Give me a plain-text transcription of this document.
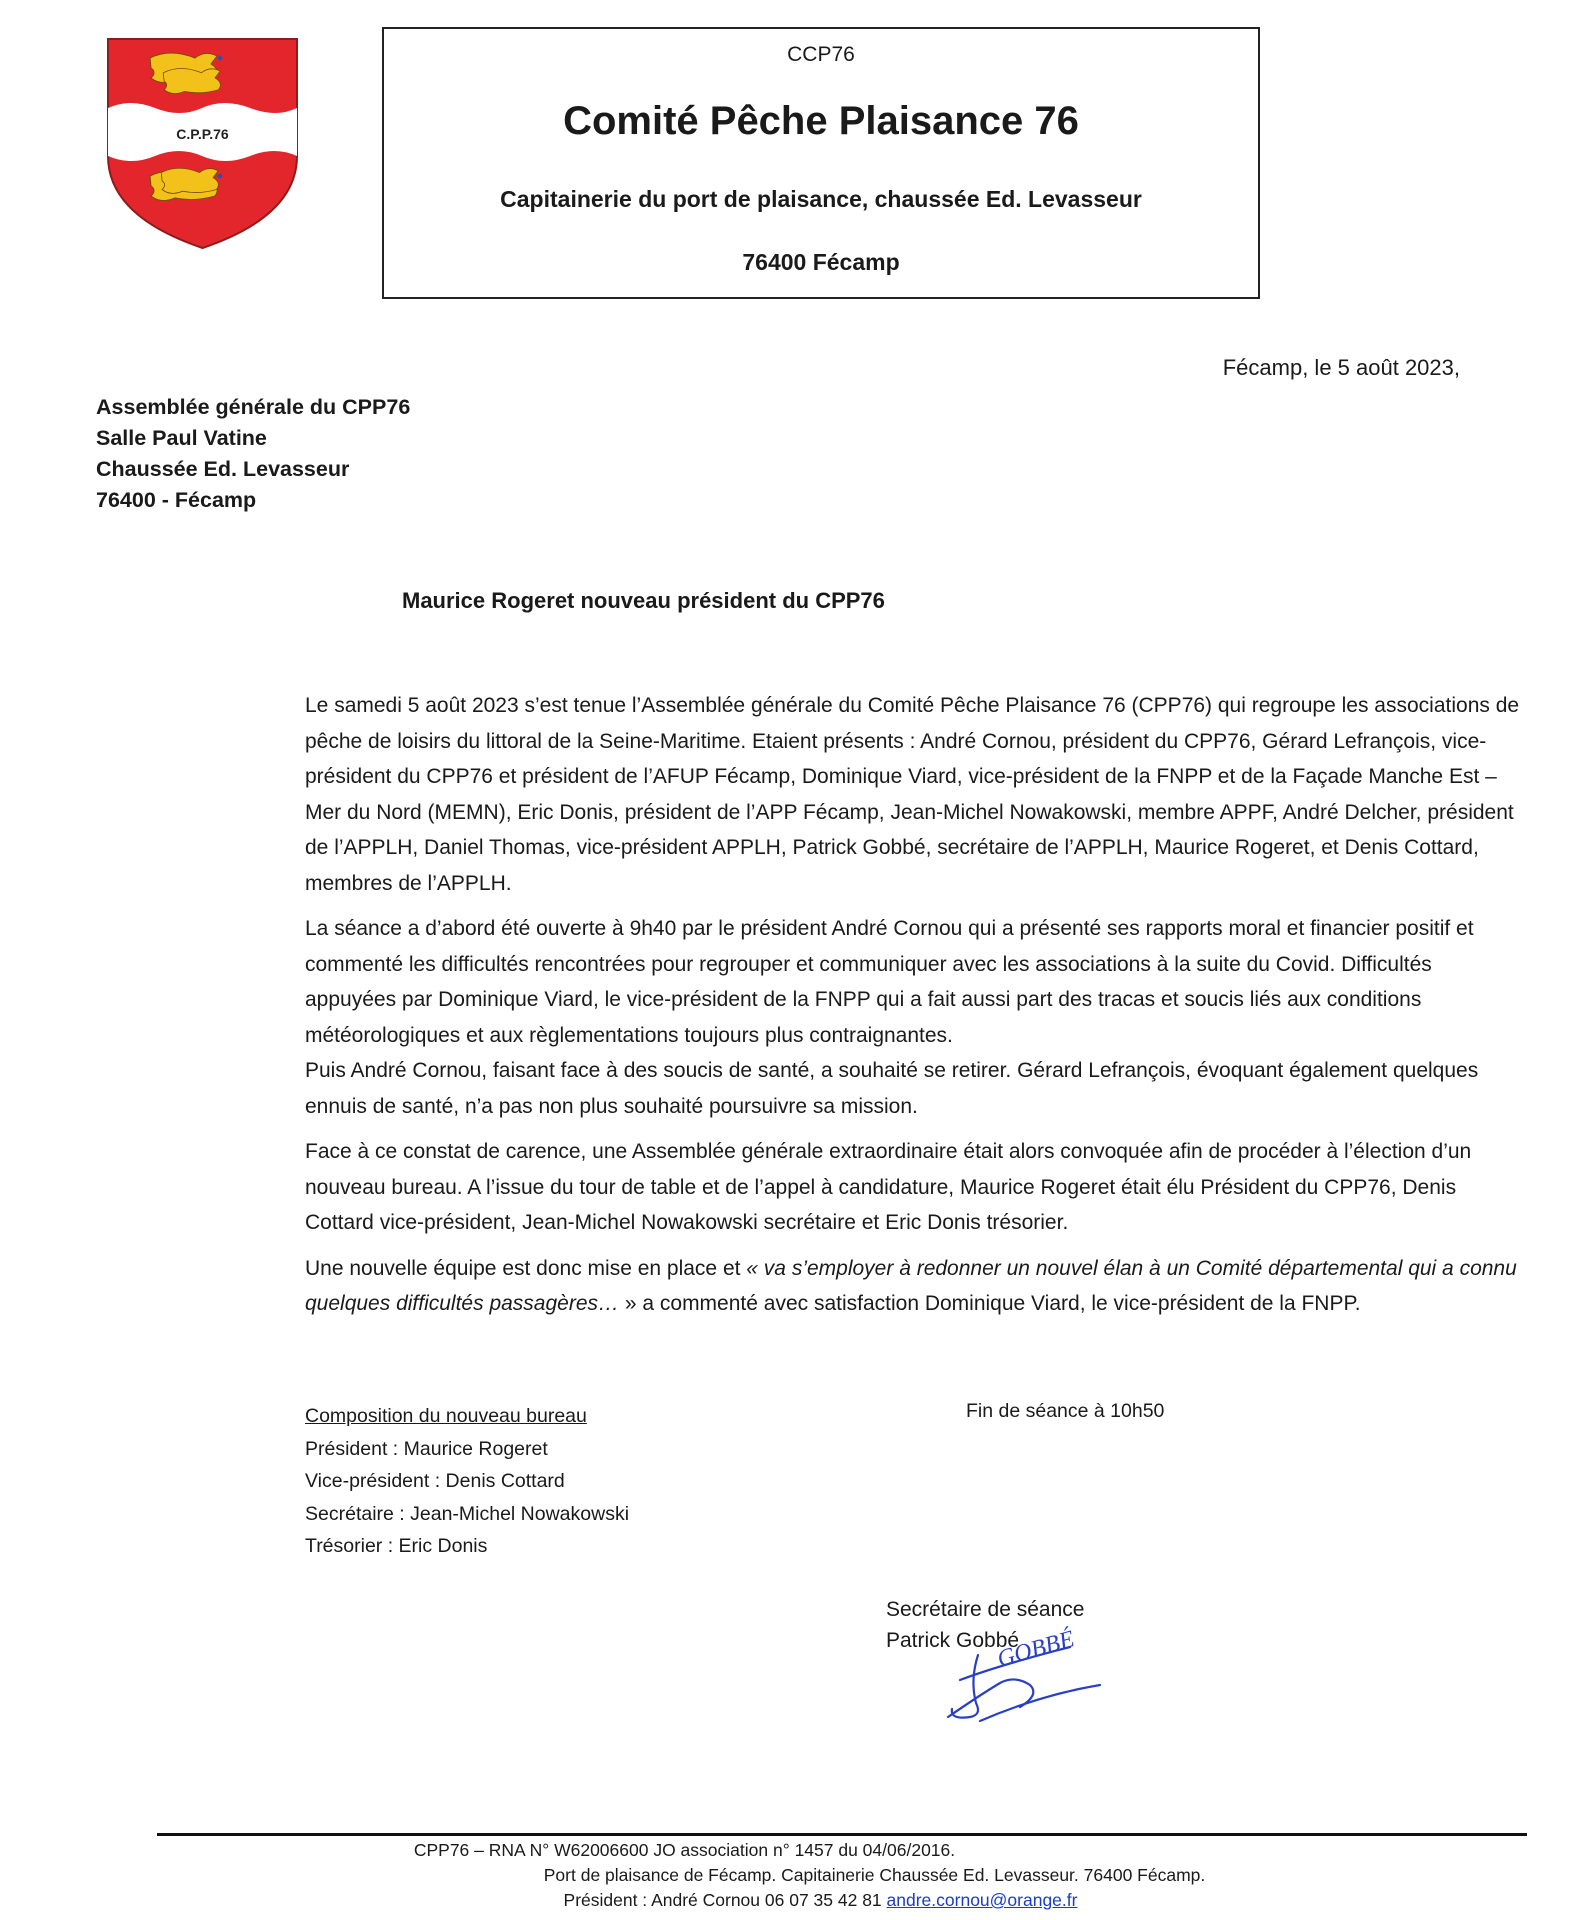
C.P.P.76
CCP76
Comité Pêche Plaisance 76
Capitainerie du port de plaisance, chaussée Ed. Levasseur
76400 Fécamp
Fécamp, le 5 août 2023,
Assemblée générale du CPP76
Salle Paul Vatine
Chaussée Ed. Levasseur
76400 - Fécamp
Maurice Rogeret nouveau président du CPP76

Le samedi 5 août 2023 s’est tenue l’Assemblée générale du Comité Pêche Plaisance 76 (CPP76) qui regroupe les associations de pêche de loisirs du littoral de la Seine-Maritime. Etaient présents : André Cornou, président du CPP76, Gérard Lefrançois, vice-président du CPP76 et président de l’AFUP Fécamp, Dominique Viard, vice-président de la FNPP et de la Façade Manche Est – Mer du Nord (MEMN), Eric Donis, président de l’APP Fécamp, Jean-Michel Nowakowski, membre APPF, André Delcher, président de l’APPLH, Daniel Thomas, vice-président APPLH, Patrick Gobbé, secrétaire de l’APPLH, Maurice Rogeret, et Denis Cottard, membres de l’APPLH.

La séance a d’abord été ouverte à 9h40 par le président André Cornou qui a présenté ses rapports moral et financier positif et commenté les difficultés rencontrées pour regrouper et communiquer avec les associations à la suite du Covid. Difficultés appuyées par Dominique Viard, le vice-président de la FNPP qui a fait aussi part des tracas et soucis liés aux conditions météorologiques et aux règlementations toujours plus contraignantes.

Puis André Cornou, faisant face à des soucis de santé, a souhaité se retirer. Gérard Lefrançois, évoquant également quelques ennuis de santé, n’a pas non plus souhaité poursuivre sa mission.

Face à ce constat de carence, une Assemblée générale extraordinaire était alors convoquée afin de procéder à l’élection d’un nouveau bureau. A l’issue du tour de table et de l’appel à candidature, Maurice Rogeret était élu Président du CPP76, Denis Cottard vice-président, Jean-Michel Nowakowski secrétaire et Eric Donis trésorier.

Une nouvelle équipe est donc mise en place et « va s’employer à redonner un nouvel élan à un Comité départemental qui a connu quelques difficultés passagères… » a commenté avec satisfaction Dominique Viard, le vice-président de la FNPP.

Composition du nouveau bureau
Président : Maurice Rogeret
Vice-président : Denis Cottard
Secrétaire : Jean-Michel Nowakowski
Trésorier : Eric Donis
Fin de séance à 10h50
Secrétaire de séance
Patrick Gobbé
GOBBÉ
CPP76 – RNA N° W62006600 JO association n° 1457 du 04/06/2016.
Port de plaisance de Fécamp. Capitainerie Chaussée Ed. Levasseur. 76400 Fécamp.
Président : André Cornou 06 07 35 42 81 andre.cornou@orange.fr
